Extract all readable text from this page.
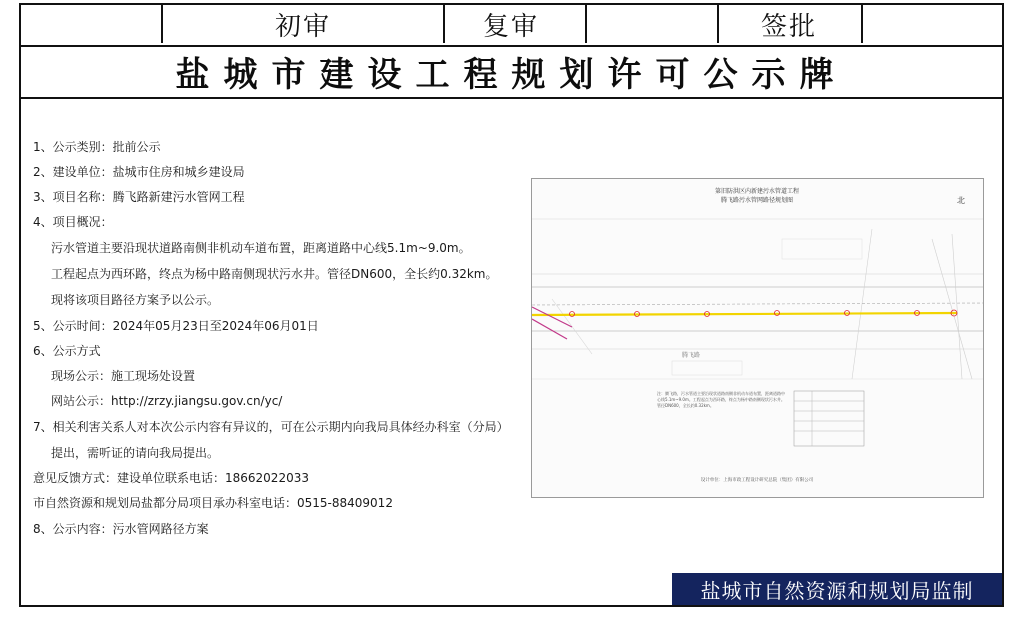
初审	复审	签批
盐城市建设工程规划许可公示牌
1、公示类别：批前公示
2、建设单位：盐城市住房和城乡建设局
3、项目名称：腾飞路新建污水管网工程
4、项目概况：
污水管道主要沿现状道路南侧非机动车道布置，距离道路中心线5.1m~9.0m。
工程起点为西环路，终点为杨中路南侧现状污水井。管径DN600，全长约0.32km。
现将该项目路径方案予以公示。
5、公示时间：2024年05月23日至2024年06月01日
6、公示方式
现场公示：施工现场处设置
网站公示：http://zrzy.jiangsu.gov.cn/yc/
7、相关利害关系人对本次公示内容有异议的，可在公示期内向我局具体经办科室（分局）
提出，需听证的请向我局提出。
意见反馈方式：建设单位联系电话：18662022033
市自然资源和规划局盐都分局项目承办科室电话：0515-88409012
8、公示内容：污水管网路径方案
第旧防洪区内新建污水管道工程
腾飞路污水管网路径规划图	北
腾飞路
注：腾飞路，污水管道主要沿现状道路南侧非机动车道布置，距离道路中心线5.1m~9.0m。工程起点为西环路，终点为杨中路南侧现状污水井。管径DN600，全长约0.32km。
设计单位：上海市政工程设计研究总院（集团）有限公司
盐城市自然资源和规划局监制
